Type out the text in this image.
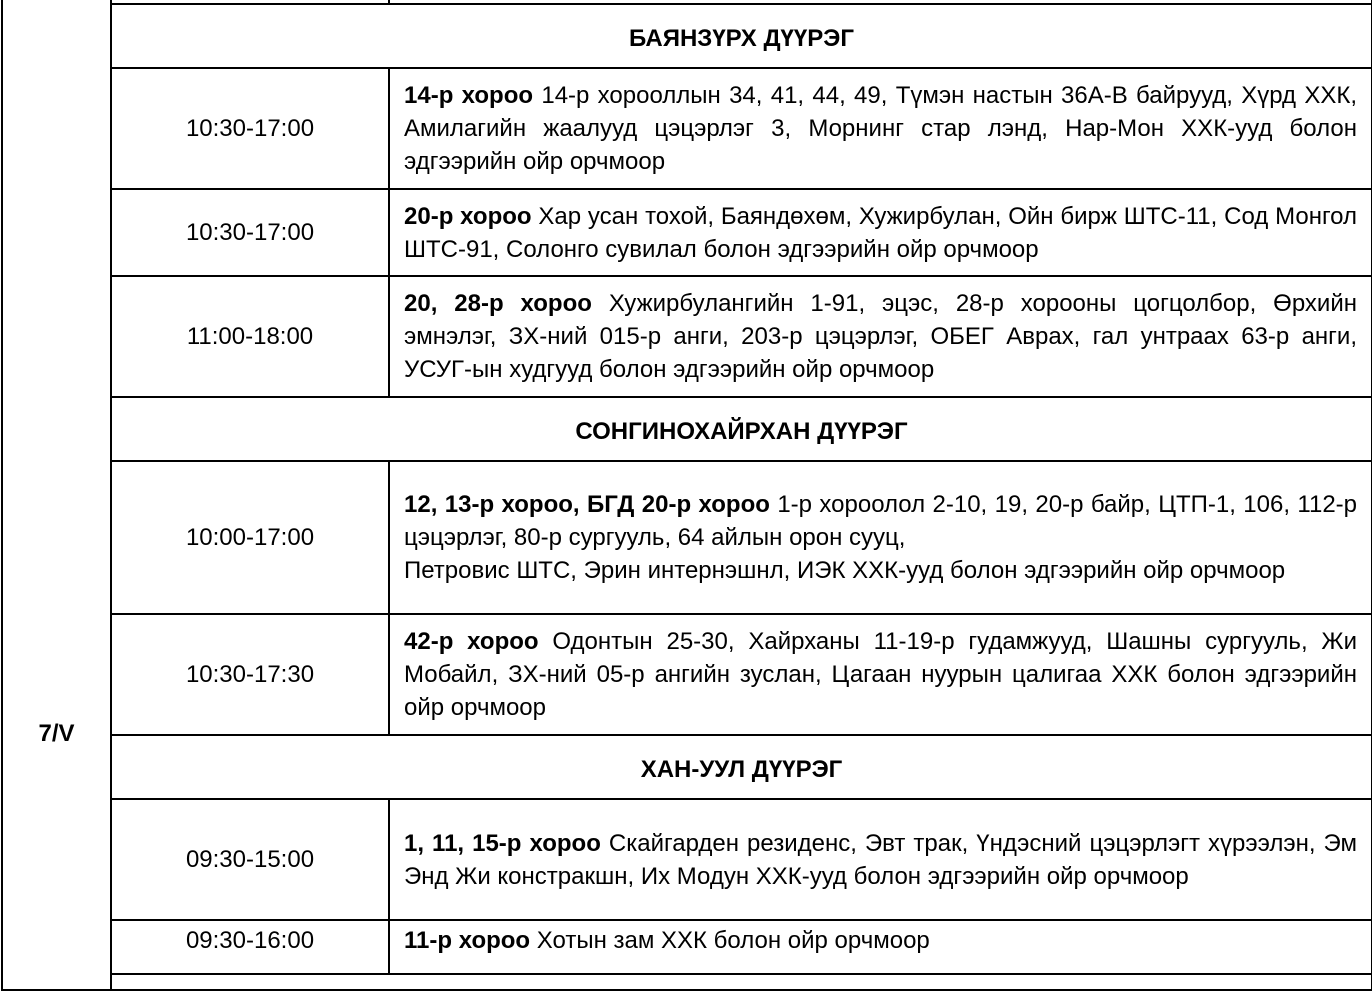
7/V		
	БАЯНЗҮРХ ДҮҮРЭГ	
	10:30-17:00	14-р хороо 14-р хорооллын 34, 41, 44, 49, Түмэн настын 36А-В байрууд, Хүрд ХХК, Амилагийн жаалууд цэцэрлэг 3, Морнинг стар лэнд, Нар-Мон ХХК-ууд болон эдгээрийн ойр орчмоор
	10:30-17:00	20-р хороо Хар усан тохой, Баяндөхөм, Хужирбулан, Ойн бирж ШТС-11, Сод Монгол ШТС-91, Солонго сувилал болон эдгээрийн ойр орчмоор
	11:00-18:00	20, 28-р хороо Хужирбулангийн 1-91, эцэс, 28-р хорооны цогцолбор, Өрхийн эмнэлэг, ЗХ-ний 015-р анги, 203-р цэцэрлэг, ОБЕГ Аврах, гал унтраах 63-р анги, УСУГ-ын худгууд болон эдгээрийн ойр орчмоор
	СОНГИНОХАЙРХАН ДҮҮРЭГ	
	10:00-17:00	12, 13-р хороо, БГД 20-р хороо 1-р хороолол 2-10, 19, 20-р байр, ЦТП-1, 106, 112-р цэцэрлэг, 80-р сургууль, 64 айлын орон сууц,
Петровис ШТС, Эрин интернэшнл, ИЭК ХХК-ууд болон эдгээрийн ойр орчмоор

	10:30-17:30	42-р хороо Одонтын 25-30, Хайрханы 11-19-р гудамжууд, Шашны сургууль, Жи Мобайл, ЗХ-ний 05-р ангийн зуслан, Цагаан нуурын цалигаа ХХК болон эдгээрийн ойр орчмоор
	ХАН-УУЛ ДҮҮРЭГ	
	09:30-15:00	1, 11, 15-р хороо Скайгарден резиденс, Эвт трак, Үндэсний цэцэрлэгт хүрээлэн, Эм Энд Жи констракшн, Их Модун ХХК-ууд болон эдгээрийн ойр орчмоор
	09:30-16:00	11-р хороо Хотын зам ХХК болон ойр орчмоор
